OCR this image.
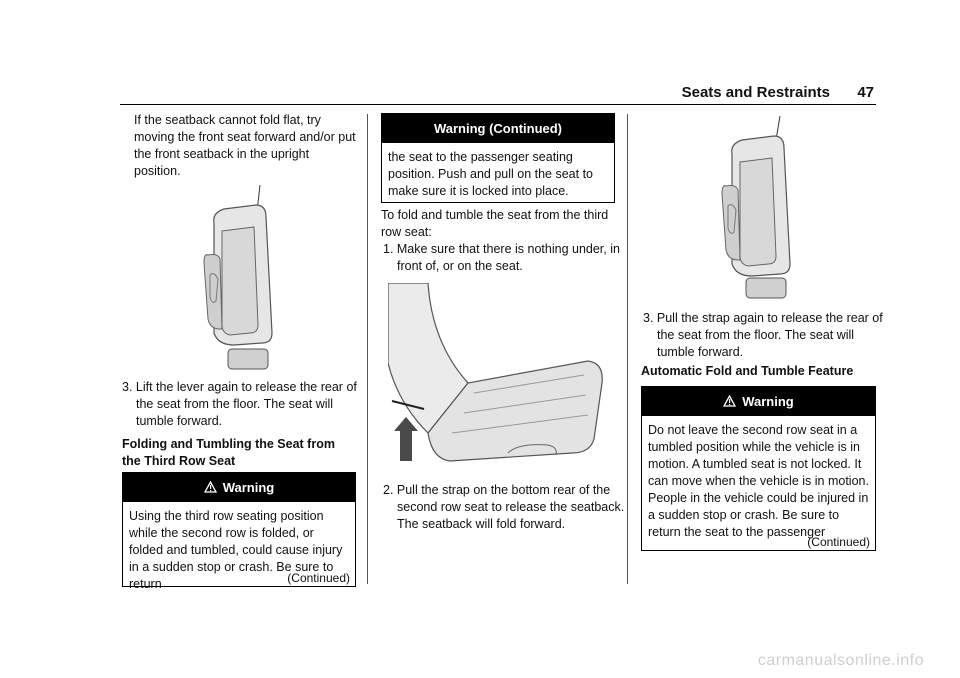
Seats and Restraints 47
If the seatback cannot fold flat, try moving the front seat forward and/or put the front seatback in the upright position.
3. Lift the lever again to release the rear of the seat from the floor. The seat will tumble forward.
Folding and Tumbling the Seat from the Third Row Seat
Warning
Using the third row seating position while the second row is folded, or folded and tumbled, could cause injury in a sudden stop or crash. Be sure to return	(Continued)
Warning (Continued)
the seat to the passenger seating position. Push and pull on the seat to make sure it is locked into place.
To fold and tumble the seat from the third row seat:
1. Make sure that there is nothing under, in front of, or on the seat.
2. Pull the strap on the bottom rear of the second row seat to release the seatback. The seatback will fold forward.
3. Pull the strap again to release the rear of the seat from the floor. The seat will tumble forward.
Automatic Fold and Tumble Feature
Warning
Do not leave the second row seat in a tumbled position while the vehicle is in motion. A tumbled seat is not locked. It can move when the vehicle is in motion. People in the vehicle could be injured in a sudden stop or crash. Be sure to return the seat to the passenger
(Continued)
carmanualsonline.info
